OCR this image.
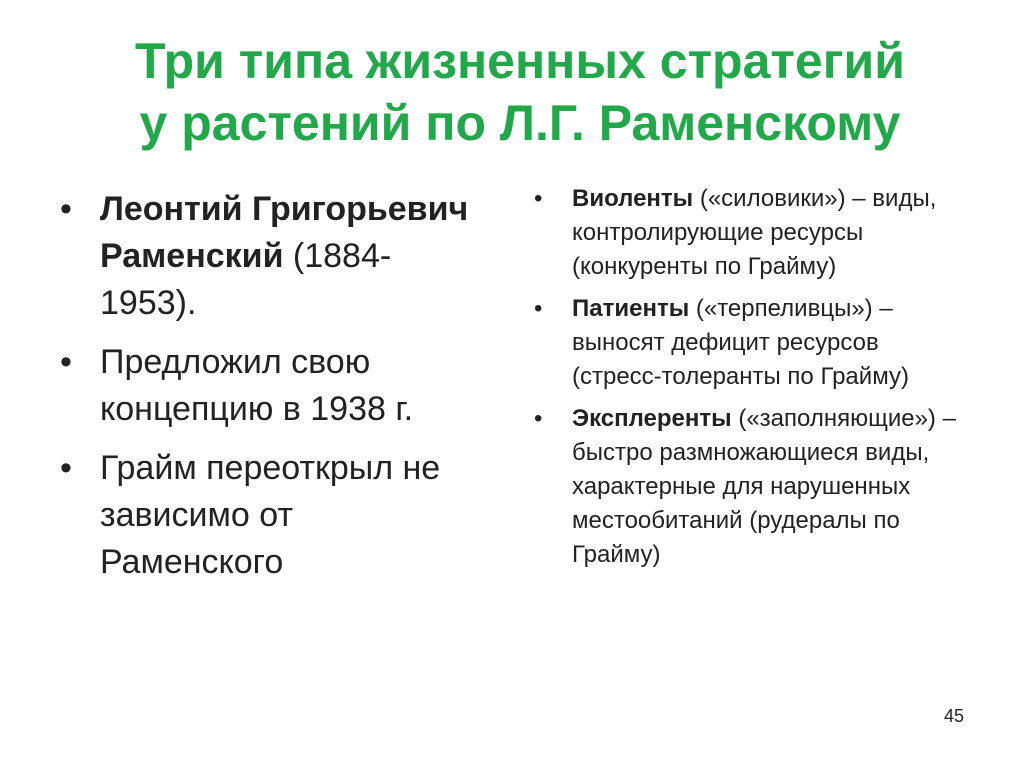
Три типа жизненных стратегий
у растений по Л.Г. Раменскому
• Леонтий Григорьевич Раменский (1884-1953).
• Предложил свою концепцию в 1938 г.
• Грайм переоткрыл не зависимо от Раменского
• Виоленты («силовики») – виды, контролирующие ресурсы (конкуренты по Грайму)
• Патиенты («терпеливцы») – выносят дефицит ресурсов (стресс-толеранты по Грайму)
• Эксплеренты («заполняющие») – быстро размножающиеся виды, характерные для нарушенных местообитаний (рудералы по Грайму)
45
